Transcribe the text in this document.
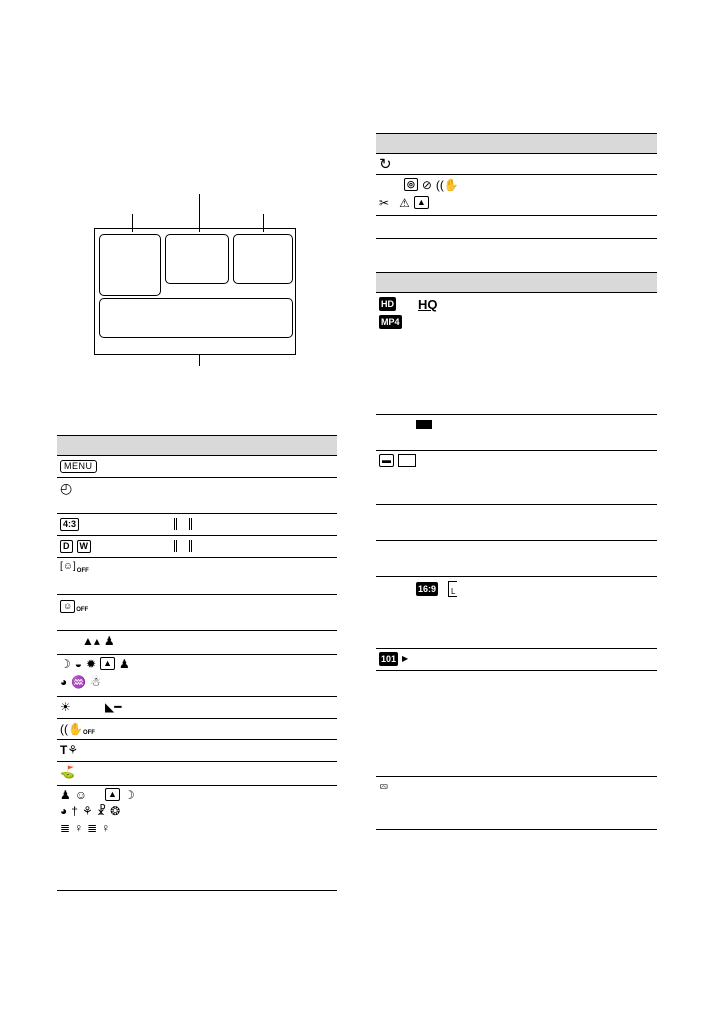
MENU
◴
4:3
D	W
[☺] OFF
☺ OFF
▲▴ ♟
☽ ◒ ✹ ▲ ♟
◕ ♒ ☃
☀	◣━
((✋ OFF
T ⚘
⛳
♟ ☺	▲ ☽
◕ † ⚘ ☧ ❂
≣ ♀ ≣ ♀
↻
◎ ⊘ ((✋
✂ ⚠ ▲
HD HQ
MP4
▬
16:9 L
101 ▶
⮹
